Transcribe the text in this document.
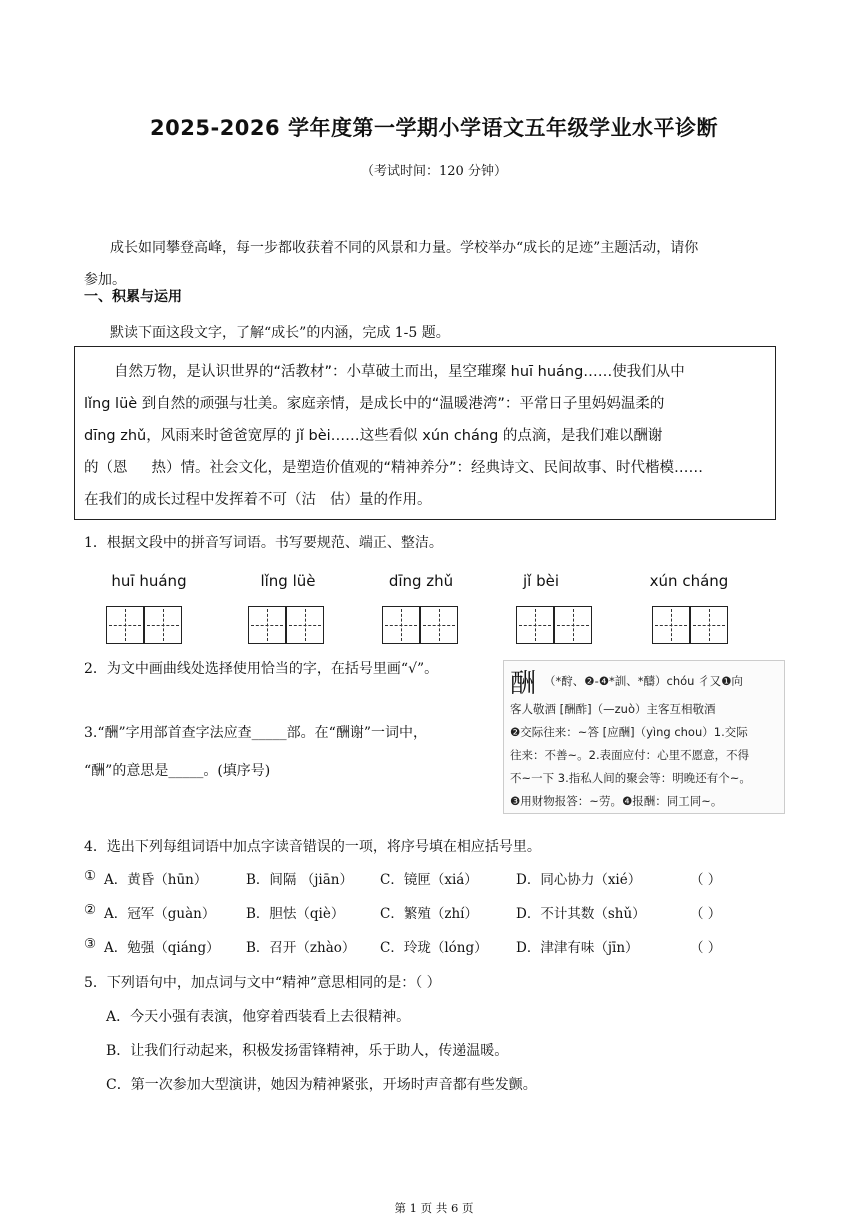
2025-2026 学年度第一学期小学语文五年级学业水平诊断
（考试时间：120 分钟）
成长如同攀登高峰，每一步都收获着不同的风景和力量。学校举办“成长的足迹”主题活动，请你
参加。
一、积累与运用
默读下面这段文字，了解“成长”的内涵，完成 1-5 题。
自然万物，是认识世界的“活教材”：小草破土而出，星空璀璨 huī huáng……使我们从中
lǐng lüè 到自然的顽强与壮美。家庭亲情，是成长中的“温暖港湾”：平常日子里妈妈温柔的
dīng zhǔ，风雨来时爸爸宽厚的 jǐ bèi……这些看似 xún cháng 的点滴，是我们难以酬谢
的（恩 热）情。社会文化，是塑造价值观的“精神养分”：经典诗文、民间故事、时代楷模……
在我们的成长过程中发挥着不可（沽 估）量的作用。
1．根据文段中的拼音写词语。书写要规范、端正、整洁。
huī huáng	lǐng lüè	dīng zhǔ	jǐ bèi	xún cháng
2．为文中画曲线处选择使用恰当的字，在括号里画“√”。
3.“酬”字用部首查字法应查_____部。在“酬谢”一词中，
“酬”的意思是_____。(填序号)
酬 （*酧、❷-❹*訓、*醻）chóu 彳又❶向
客人敬酒 [酬酢]（—zuò）主客互相敬酒
❷交际往来：~答 [应酬]（yìng chou）1.交际
往来：不善~。2.表面应付：心里不愿意，不得
不~一下 3.指私人间的聚会等：明晚还有个~。
❸用财物报答：~劳。❹报酬：同工同~。
4．选出下列每组词语中加点字读音错误的一项，将序号填在相应括号里。
① A．黄昏（hūn）	B．间隔 （jiān） C．镜匣（xiá）	D．同心协力（xié）	（ ）
② A．冠军（guàn） B．胆怯（qiè）	C．繁殖（zhí）	D．不计其数（shǔ）	（ ）
③ A．勉强（qiáng） B．召开（zhào） C．玲珑（lóng） D．津津有味（jīn）	（ ）
5．下列语句中，加点词与文中“精神”意思相同的是：（ ）
A．今天小强有表演，他穿着西装看上去很精神。
B．让我们行动起来，积极发扬雷锋精神，乐于助人，传递温暖。
C．第一次参加大型演讲，她因为精神紧张，开场时声音都有些发颤。
第 1 页 共 6 页
